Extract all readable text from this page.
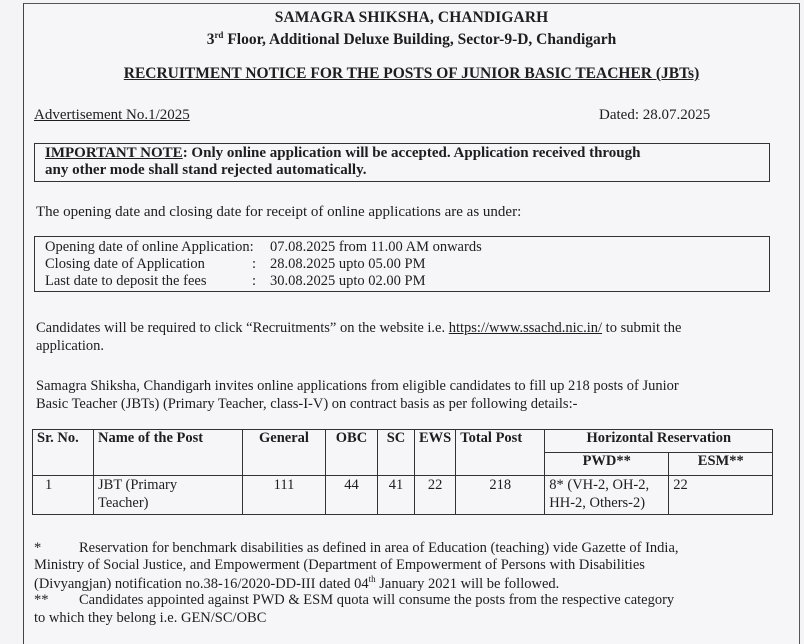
SAMAGRA SHIKSHA, CHANDIGARH
3rd Floor, Additional Deluxe Building, Sector-9-D, Chandigarh
RECRUITMENT NOTICE FOR THE POSTS OF JUNIOR BASIC TEACHER (JBTs)
Advertisement No.1/2025	Dated: 28.07.2025
IMPORTANT NOTE: Only online application will be accepted. Application received through
any other mode shall stand rejected automatically.
The opening date and closing date for receipt of online applications are as under:
Opening date of online Application: 07.08.2025 from 11.00 AM onwards
Closing date of Application	: 28.08.2025 upto 05.00 PM
Last date to deposit the fees	: 30.08.2025 upto 02.00 PM
Candidates will be required to click “Recruitments” on the website i.e. https://www.ssachd.nic.in/ to submit the
application.
Samagra Shiksha, Chandigarh invites online applications from eligible candidates to fill up 218 posts of Junior
Basic Teacher (JBTs) (Primary Teacher, class-I-V) on contract basis as per following details:-
Sr. No.	Name of the Post	General	OBC	SC	EWS	Total Post	Horizontal Reservation	
							PWD**	ESM**
1	JBT (Primary
Teacher)	111	44	41	22	218	8* (VH-2, OH-2,
HH-2, Others-2)	22
*	Reservation for benchmark disabilities as defined in area of Education (teaching) vide Gazette of India,
Ministry of Social Justice, and Empowerment (Department of Empowerment of Persons with Disabilities
(Divyangjan) notification no.38-16/2020-DD-III dated 04th January 2021 will be followed.
** Candidates appointed against PWD & ESM quota will consume the posts from the respective category
to which they belong i.e. GEN/SC/OBC
